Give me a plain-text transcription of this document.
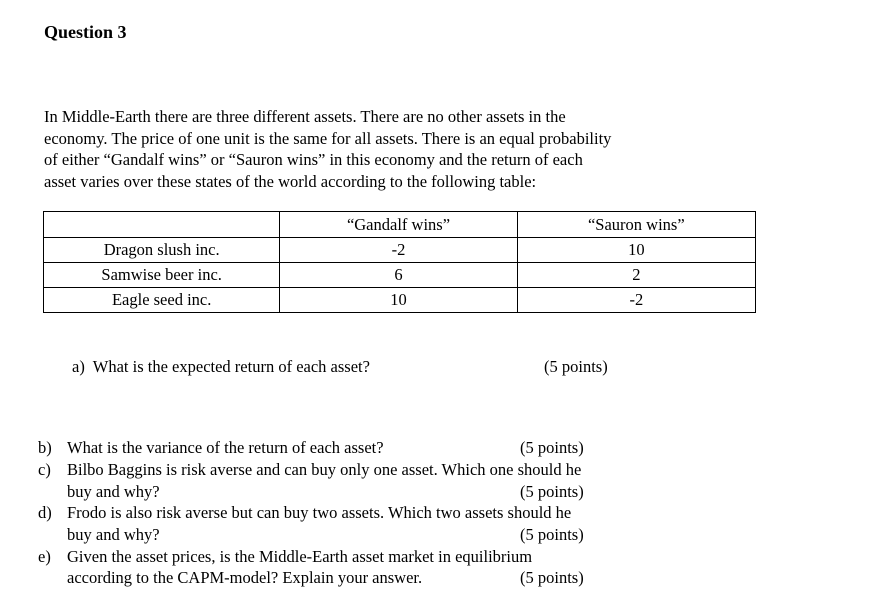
Question 3
In Middle-Earth there are three different assets. There are no other assets in the
economy. The price of one unit is the same for all assets. There is an equal probability
of either “Gandalf wins” or “Sauron wins” in this economy and the return of each
asset varies over these states of the world according to the following table:
	“Gandalf wins”	“Sauron wins”
Dragon slush inc.	-2	10
Samwise beer inc.	6	2
Eagle seed inc.	10	-2
a) What is the expected return of each asset?	(5 points)
b) What is the variance of the return of each asset?	(5 points)
c) Bilbo Baggins is risk averse and can buy only one asset. Which one should he
buy and why?	(5 points)
d) Frodo is also risk averse but can buy two assets. Which two assets should he
buy and why?	(5 points)
e) Given the asset prices, is the Middle-Earth asset market in equilibrium
according to the CAPM-model? Explain your answer.	(5 points)
